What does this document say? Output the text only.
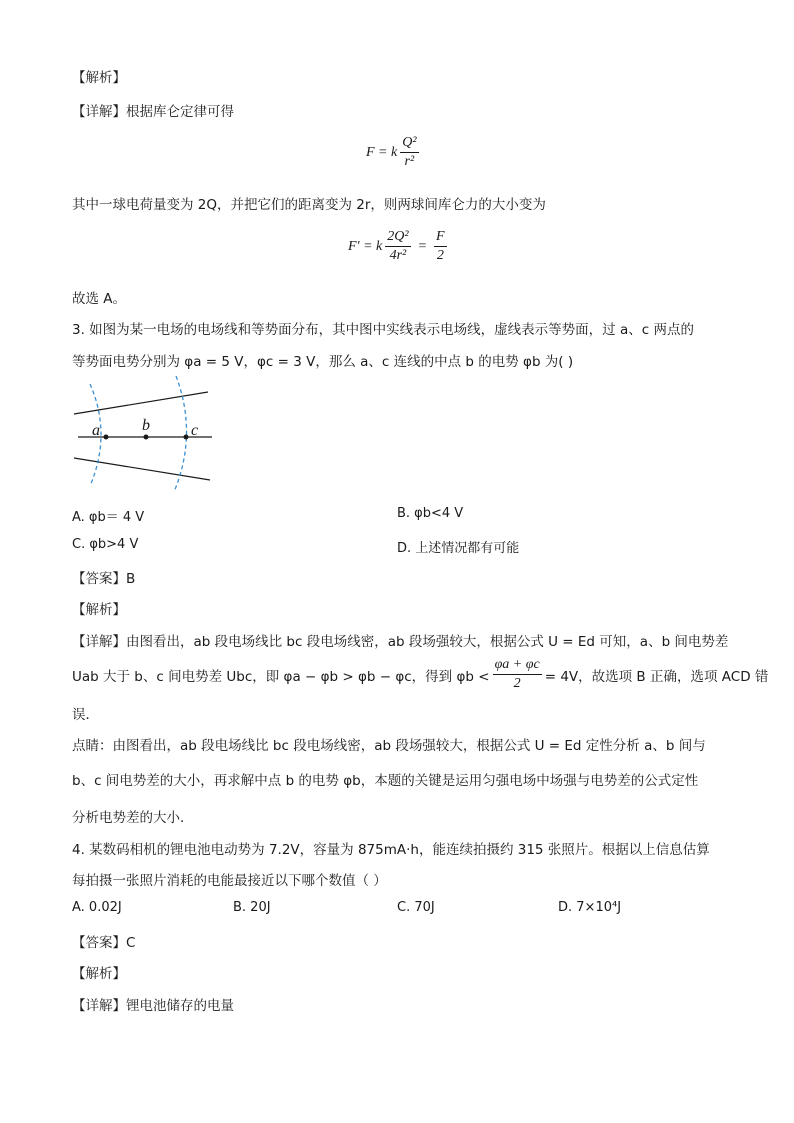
【解析】
【详解】根据库仑定律可得
F = k $\frac{\text{Q²}}{\text{r²}}$
其中一球电荷量变为 2Q，并把它们的距离变为 2r，则两球间库仑力的大小变为
F′ = k $\frac{\text{2Q²}}{\text{4r²}} = \frac{F}{2}$
故选 A。
3. 如图为某一电场的电场线和等势面分布，其中图中实线表示电场线，虚线表示等势面，过 a、c 两点的
等势面电势分别为 φa = 5 V，φc = 3 V，那么 a、c 连线的中点 b 的电势 φb 为( )
a	b	c
A. φb＝ 4 V	B. φb<4 V
C. φb>4 V	D. 上述情况都有可能
【答案】B
【解析】
【详解】由图看出，ab 段电场线比 bc 段电场线密，ab 段场强较大，根据公式 U = Ed 可知，a、b 间电势差
Uab 大于 b、c 间电势差 Ubc，即 φa − φb > φb − φc，得到 $\varphi b < \frac{\varphi a + \varphi c}{2} = 4V$，故选项 B 正确，选项 ACD 错
误．
点睛：由图看出，ab 段电场线比 bc 段电场线密，ab 段场强较大，根据公式 U = Ed 定性分析 a、b 间与
b、c 间电势差的大小，再求解中点 b 的电势 φb，本题的关键是运用匀强电场中场强与电势差的公式定性
分析电势差的大小．
4. 某数码相机的锂电池电动势为 7.2V，容量为 875mA·h，能连续拍摄约 315 张照片。根据以上信息估算
每拍摄一张照片消耗的电能最接近以下哪个数值（ ）
A. 0.02J	B. 20J	C. 70J	D. 7×10⁴J
【答案】C
【解析】
【详解】锂电池储存的电量
